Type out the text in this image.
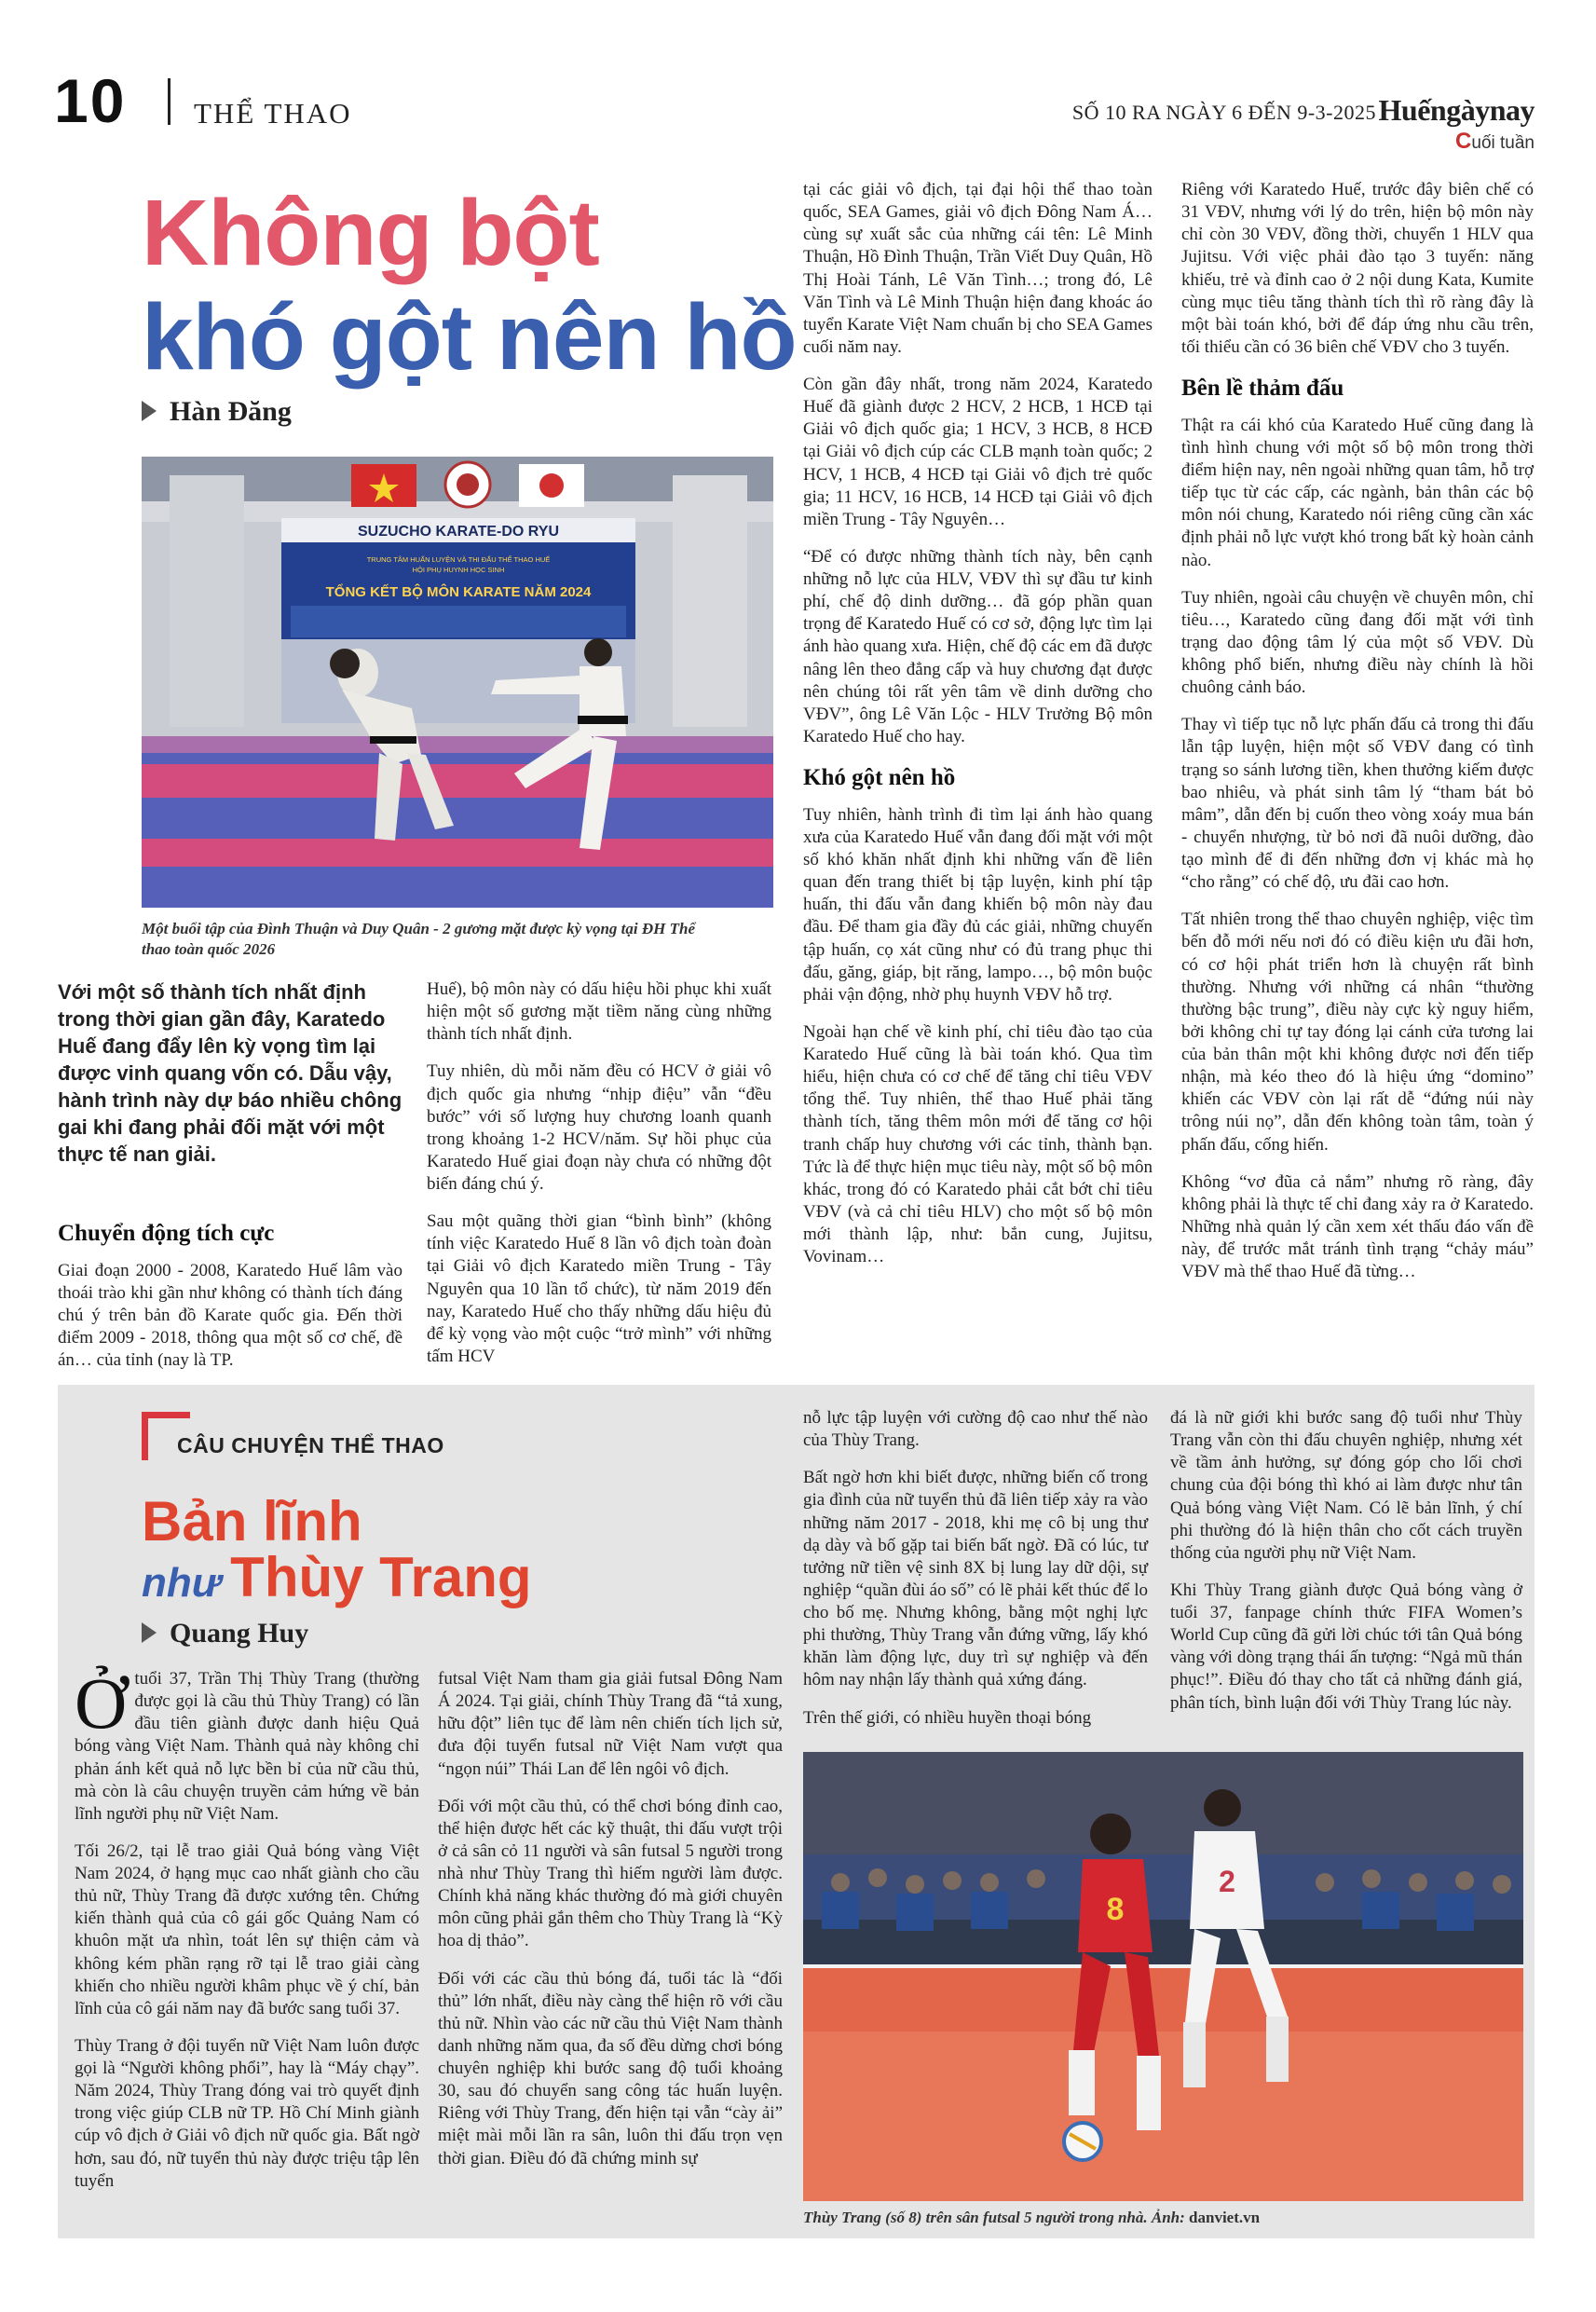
10 THỂ THAO	SỐ 10 RA NGÀY 6 ĐẾN 9-3-2025 Huếngàynay
Cuối tuần
Không bột
khó gột nên hồ
Hàn Đăng
SUZUCHO KARATE-DO RYU
TRUNG TÂM HUẤN LUYỆN VÀ THI ĐẤU THỂ THAO HUẾ
HỘI PHỤ HUYNH HỌC SINH
TỔNG KẾT BỘ MÔN KARATE NĂM 2024
Một buổi tập của Đình Thuận và Duy Quân - 2 gương mặt được kỳ vọng tại ĐH Thể thao toàn quốc 2026
Với một số thành tích nhất định trong thời gian gần đây, Karatedo Huế đang đẩy lên kỳ vọng tìm lại được vinh quang vốn có. Dẫu vậy, hành trình này dự báo nhiều chông gai khi đang phải đối mặt với một thực tế nan giải.
Chuyển động tích cực

Giai đoạn 2000 - 2008, Karatedo Huế lâm vào thoái trào khi gần như không có thành tích đáng chú ý trên bản đồ Karate quốc gia. Đến thời điểm 2009 - 2018, thông qua một số cơ chế, đề án… của tỉnh (nay là TP.

Huế), bộ môn này có dấu hiệu hồi phục khi xuất hiện một số gương mặt tiềm năng cùng những thành tích nhất định.

Tuy nhiên, dù mỗi năm đều có HCV ở giải vô địch quốc gia nhưng “nhịp điệu” vẫn “đều bước” với số lượng huy chương loanh quanh trong khoảng 1-2 HCV/năm. Sự hồi phục của Karatedo Huế giai đoạn này chưa có những đột biến đáng chú ý.

Sau một quãng thời gian “bình bình” (không tính việc Karatedo Huế 8 lần vô địch toàn đoàn tại Giải vô địch Karatedo miền Trung - Tây Nguyên qua 10 lần tổ chức), từ năm 2019 đến nay, Karatedo Huế cho thấy những dấu hiệu đủ để kỳ vọng vào một cuộc “trở mình” với những tấm HCV

tại các giải vô địch, tại đại hội thể thao toàn quốc, SEA Games, giải vô địch Đông Nam Á… cùng sự xuất sắc của những cái tên: Lê Minh Thuận, Hồ Đình Thuận, Trần Viết Duy Quân, Hồ Thị Hoài Tánh, Lê Văn Tình…; trong đó, Lê Văn Tình và Lê Minh Thuận hiện đang khoác áo tuyển Karate Việt Nam chuẩn bị cho SEA Games cuối năm nay.

Còn gần đây nhất, trong năm 2024, Karatedo Huế đã giành được 2 HCV, 2 HCB, 1 HCĐ tại Giải vô địch quốc gia; 1 HCV, 3 HCB, 8 HCĐ tại Giải vô địch cúp các CLB mạnh toàn quốc; 2 HCV, 1 HCB, 4 HCĐ tại Giải vô địch trẻ quốc gia; 11 HCV, 16 HCB, 14 HCĐ tại Giải vô địch miền Trung - Tây Nguyên…

“Để có được những thành tích này, bên cạnh những nỗ lực của HLV, VĐV thì sự đầu tư kinh phí, chế độ dinh dưỡng… đã góp phần quan trọng để Karatedo Huế có cơ sở, động lực tìm lại ánh hào quang xưa. Hiện, chế độ các em đã được nâng lên theo đẳng cấp và huy chương đạt được nên chúng tôi rất yên tâm về dinh dưỡng cho VĐV”, ông Lê Văn Lộc - HLV Trưởng Bộ môn Karatedo Huế cho hay.

Khó gột nên hồ

Tuy nhiên, hành trình đi tìm lại ánh hào quang xưa của Karatedo Huế vẫn đang đối mặt với một số khó khăn nhất định khi những vấn đề liên quan đến trang thiết bị tập luyện, kinh phí tập huấn, thi đấu vẫn đang khiến bộ môn này đau đầu. Để tham gia đầy đủ các giải, những chuyến tập huấn, cọ xát cũng như có đủ trang phục thi đấu, găng, giáp, bịt răng, lampo…, bộ môn buộc phải vận động, nhờ phụ huynh VĐV hỗ trợ.

Ngoài hạn chế về kinh phí, chỉ tiêu đào tạo của Karatedo Huế cũng là bài toán khó. Qua tìm hiểu, hiện chưa có cơ chế để tăng chỉ tiêu VĐV tổng thể. Tuy nhiên, thể thao Huế phải tăng thành tích, tăng thêm môn mới để tăng cơ hội tranh chấp huy chương với các tỉnh, thành bạn. Tức là để thực hiện mục tiêu này, một số bộ môn khác, trong đó có Karatedo phải cắt bớt chỉ tiêu VĐV (và cả chỉ tiêu HLV) cho một số bộ môn mới thành lập, như: bắn cung, Jujitsu, Vovinam…

Riêng với Karatedo Huế, trước đây biên chế có 31 VĐV, nhưng với lý do trên, hiện bộ môn này chỉ còn 30 VĐV, đồng thời, chuyển 1 HLV qua Jujitsu. Với việc phải đào tạo 3 tuyến: năng khiếu, trẻ và đỉnh cao ở 2 nội dung Kata, Kumite cùng mục tiêu tăng thành tích thì rõ ràng đây là một bài toán khó, bởi để đáp ứng nhu cầu trên, tối thiểu cần có 36 biên chế VĐV cho 3 tuyến.

Bên lề thảm đấu

Thật ra cái khó của Karatedo Huế cũng đang là tình hình chung với một số bộ môn trong thời điểm hiện nay, nên ngoài những quan tâm, hỗ trợ tiếp tục từ các cấp, các ngành, bản thân các bộ môn nói chung, Karatedo nói riêng cũng cần xác định phải nỗ lực vượt khó trong bất kỳ hoàn cảnh nào.

Tuy nhiên, ngoài câu chuyện về chuyên môn, chỉ tiêu…, Karatedo cũng đang đối mặt với tình trạng dao động tâm lý của một số VĐV. Dù không phổ biến, nhưng điều này chính là hồi chuông cảnh báo.

Thay vì tiếp tục nỗ lực phấn đấu cả trong thi đấu lẫn tập luyện, hiện một số VĐV đang có tình trạng so sánh lương tiền, khen thưởng kiếm được bao nhiêu, và phát sinh tâm lý “tham bát bỏ mâm”, dẫn đến bị cuốn theo vòng xoáy mua bán - chuyển nhượng, từ bỏ nơi đã nuôi dưỡng, đào tạo mình để đi đến những đơn vị khác mà họ “cho rằng” có chế độ, ưu đãi cao hơn.

Tất nhiên trong thể thao chuyên nghiệp, việc tìm bến đỗ mới nếu nơi đó có điều kiện ưu đãi hơn, có cơ hội phát triển hơn là chuyện rất bình thường. Nhưng với những cá nhân “thường thường bậc trung”, điều này cực kỳ nguy hiểm, bởi không chỉ tự tay đóng lại cánh cửa tương lai của bản thân một khi không được nơi đến tiếp nhận, mà kéo theo đó là hiệu ứng “domino” khiến các VĐV còn lại rất dễ “đứng núi này trông núi nọ”, dẫn đến không toàn tâm, toàn ý phấn đấu, cống hiến.

Không “vơ đũa cả nắm” nhưng rõ ràng, đây không phải là thực tế chỉ đang xảy ra ở Karatedo. Những nhà quản lý cần xem xét thấu đáo vấn đề này, để trước mắt tránh tình trạng “chảy máu” VĐV mà thể thao Huế đã từng…

CÂU CHUYỆN THỂ THAO
Bản lĩnh
như Thùy Trang
Quang Huy

Ởtuổi 37, Trần Thị Thùy Trang (thường được gọi là cầu thủ Thùy Trang) có lần đầu tiên giành được danh hiệu Quả bóng vàng Việt Nam. Thành quả này không chỉ phản ánh kết quả nỗ lực bền bỉ của nữ cầu thủ, mà còn là câu chuyện truyền cảm hứng về bản lĩnh người phụ nữ Việt Nam.

Tối 26/2, tại lễ trao giải Quả bóng vàng Việt Nam 2024, ở hạng mục cao nhất giành cho cầu thủ nữ, Thùy Trang đã được xướng tên. Chứng kiến thành quả của cô gái gốc Quảng Nam có khuôn mặt ưa nhìn, toát lên sự thiện cảm và không kém phần rạng rỡ tại lễ trao giải càng khiến cho nhiều người khâm phục về ý chí, bản lĩnh của cô gái năm nay đã bước sang tuổi 37.

Thùy Trang ở đội tuyển nữ Việt Nam luôn được gọi là “Người không phổi”, hay là “Máy chạy”. Năm 2024, Thùy Trang đóng vai trò quyết định trong việc giúp CLB nữ TP. Hồ Chí Minh giành cúp vô địch ở Giải vô địch nữ quốc gia. Bất ngờ hơn, sau đó, nữ tuyển thủ này được triệu tập lên tuyển

futsal Việt Nam tham gia giải futsal Đông Nam Á 2024. Tại giải, chính Thùy Trang đã “tả xung, hữu đột” liên tục để làm nên chiến tích lịch sử, đưa đội tuyển futsal nữ Việt Nam vượt qua “ngọn núi” Thái Lan để lên ngôi vô địch.

Đối với một cầu thủ, có thể chơi bóng đỉnh cao, thể hiện được hết các kỹ thuật, thi đấu vượt trội ở cả sân cỏ 11 người và sân futsal 5 người trong nhà như Thùy Trang thì hiếm người làm được. Chính khả năng khác thường đó mà giới chuyên môn cũng phải gắn thêm cho Thùy Trang là “Kỳ hoa dị thảo”.

Đối với các cầu thủ bóng đá, tuổi tác là “đối thủ” lớn nhất, điều này càng thể hiện rõ với cầu thủ nữ. Nhìn vào các nữ cầu thủ Việt Nam thành danh những năm qua, đa số đều dừng chơi bóng chuyên nghiệp khi bước sang độ tuổi khoảng 30, sau đó chuyển sang công tác huấn luyện. Riêng với Thùy Trang, đến hiện tại vẫn “cày ải” miệt mài mỗi lần ra sân, luôn thi đấu trọn vẹn thời gian. Điều đó đã chứng minh sự

nỗ lực tập luyện với cường độ cao như thế nào của Thùy Trang.

Bất ngờ hơn khi biết được, những biến cố trong gia đình của nữ tuyển thủ đã liên tiếp xảy ra vào những năm 2017 - 2018, khi mẹ cô bị ung thư dạ dày và bố gặp tai biến bất ngờ. Đã có lúc, tư tưởng nữ tiền vệ sinh 8X bị lung lay dữ dội, sự nghiệp “quần đùi áo số” có lẽ phải kết thúc để lo cho bố mẹ. Nhưng không, bằng một nghị lực phi thường, Thùy Trang vẫn đứng vững, lấy khó khăn làm động lực, duy trì sự nghiệp và đến hôm nay nhận lấy thành quả xứng đáng.

Trên thế giới, có nhiều huyền thoại bóng

đá là nữ giới khi bước sang độ tuổi như Thùy Trang vẫn còn thi đấu chuyên nghiệp, nhưng xét về tầm ảnh hưởng, sự đóng góp cho lối chơi chung của đội bóng thì khó ai làm được như tân Quả bóng vàng Việt Nam. Có lẽ bản lĩnh, ý chí phi thường đó là hiện thân cho cốt cách truyền thống của người phụ nữ Việt Nam.

Khi Thùy Trang giành được Quả bóng vàng ở tuổi 37, fanpage chính thức FIFA Women’s World Cup cũng đã gửi lời chúc tới tân Quả bóng vàng với dòng trạng thái ấn tượng: “Ngả mũ thán phục!”. Điều đó thay cho tất cả những đánh giá, phân tích, bình luận đối với Thùy Trang lúc này.

8
2
Thùy Trang (số 8) trên sân futsal 5 người trong nhà. Ảnh: danviet.vn
